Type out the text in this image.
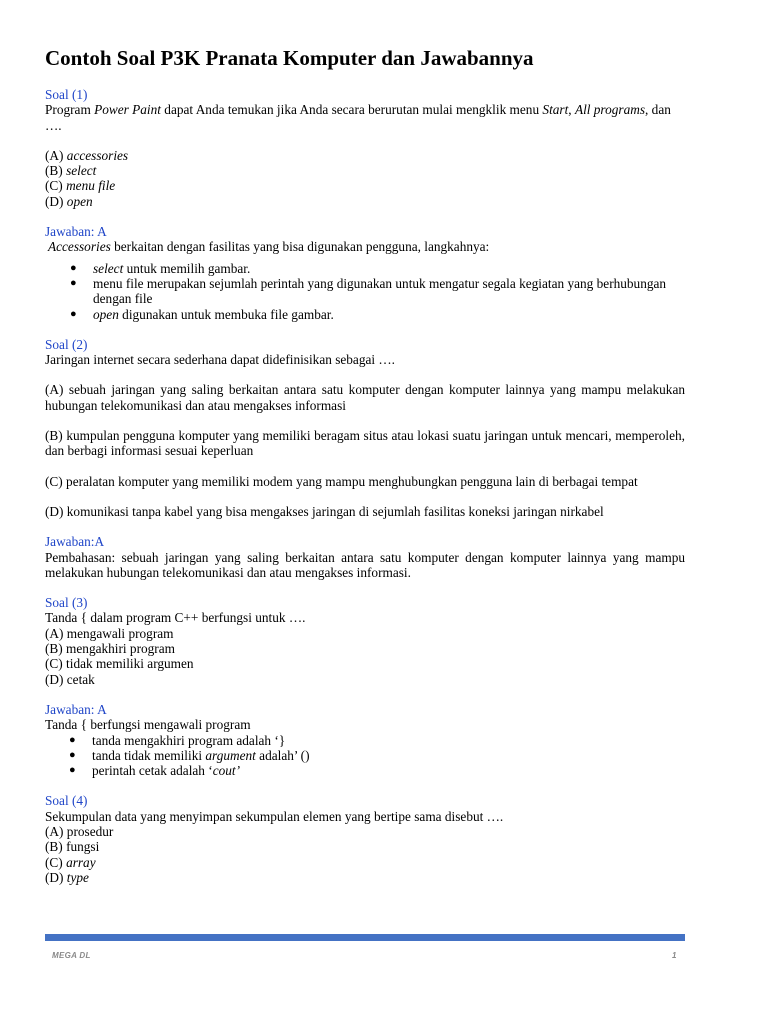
Contoh Soal P3K Pranata Komputer dan Jawabannya
Soal (1)
Program Power Paint dapat Anda temukan jika Anda secara berurutan mulai mengklik menu Start, All programs, dan ….
(A) accessories
(B) select
(C) menu file
(D) open
Jawaban: A
Accessories berkaitan dengan fasilitas yang bisa digunakan pengguna, langkahnya:
● select untuk memilih gambar.
● menu file merupakan sejumlah perintah yang digunakan untuk mengatur segala kegiatan yang berhubungan dengan file
● open digunakan untuk membuka file gambar.
Soal (2)
Jaringan internet secara sederhana dapat didefinisikan sebagai ….
(A) sebuah jaringan yang saling berkaitan antara satu komputer dengan komputer lainnya yang mampu melakukan hubungan telekomunikasi dan atau mengakses informasi
(B) kumpulan pengguna komputer yang memiliki beragam situs atau lokasi suatu jaringan untuk mencari, memperoleh, dan berbagi informasi sesuai keperluan
(C) peralatan komputer yang memiliki modem yang mampu menghubungkan pengguna lain di berbagai tempat
(D) komunikasi tanpa kabel yang bisa mengakses jaringan di sejumlah fasilitas koneksi jaringan nirkabel
Jawaban:A
Pembahasan: sebuah jaringan yang saling berkaitan antara satu komputer dengan komputer lainnya yang mampu melakukan hubungan telekomunikasi dan atau mengakses informasi.
Soal (3)
Tanda { dalam program C++ berfungsi untuk ….
(A) mengawali program
(B) mengakhiri program
(C) tidak memiliki argumen
(D) cetak
Jawaban: A
Tanda { berfungsi mengawali program
● tanda mengakhiri program adalah ‘}
● tanda tidak memiliki argument adalah’ ()
● perintah cetak adalah ‘cout’
Soal (4)
Sekumpulan data yang menyimpan sekumpulan elemen yang bertipe sama disebut ….
(A) prosedur
(B) fungsi
(C) array
(D) type
MEGA DL	1
